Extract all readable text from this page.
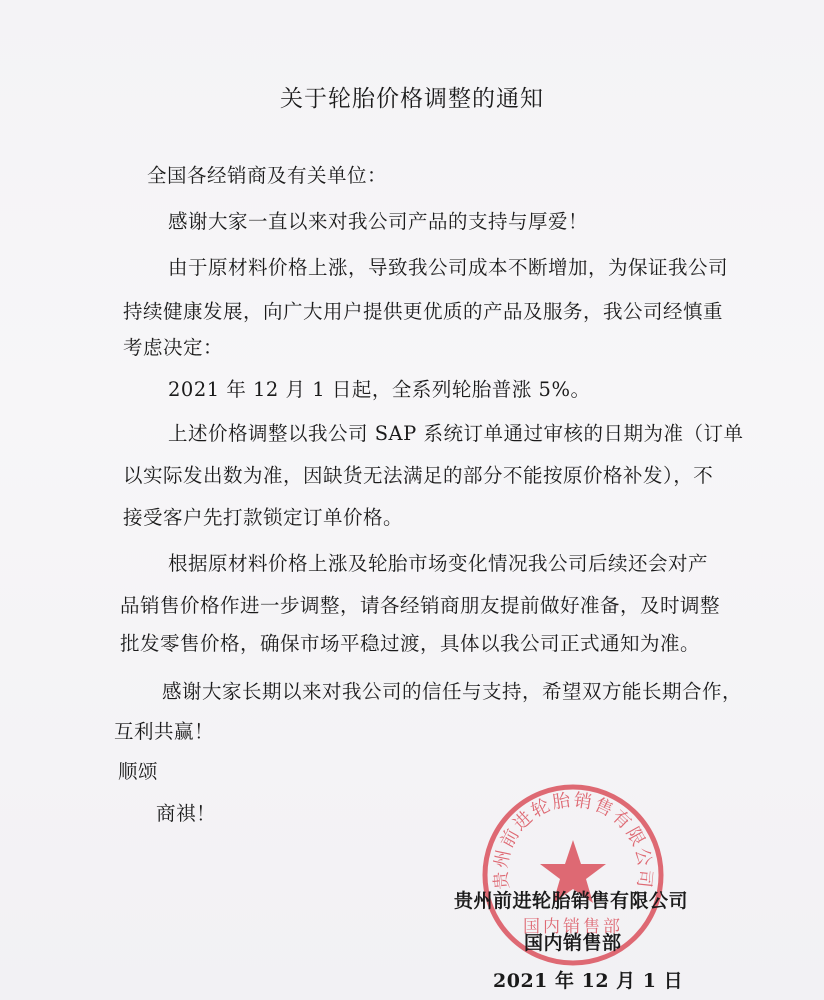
关于轮胎价格调整的通知
全国各经销商及有关单位：
感谢大家一直以来对我公司产品的支持与厚爱！
由于原材料价格上涨，导致我公司成本不断增加，为保证我公司
持续健康发展，向广大用户提供更优质的产品及服务，我公司经慎重
考虑决定：
2021 年 12 月 1 日起，全系列轮胎普涨 5%。
上述价格调整以我公司 SAP 系统订单通过审核的日期为准（订单
以实际发出数为准，因缺货无法满足的部分不能按原价格补发），不
接受客户先打款锁定订单价格。
根据原材料价格上涨及轮胎市场变化情况我公司后续还会对产
品销售价格作进一步调整，请各经销商朋友提前做好准备，及时调整
批发零售价格，确保市场平稳过渡，具体以我公司正式通知为准。
感谢大家长期以来对我公司的信任与支持，希望双方能长期合作，
互利共赢！
顺颂
商祺！
贵州前进轮胎销售有限公司
国内销售部
贵州前进轮胎销售有限公司
国内销售部
2021 年 12 月 1 日
